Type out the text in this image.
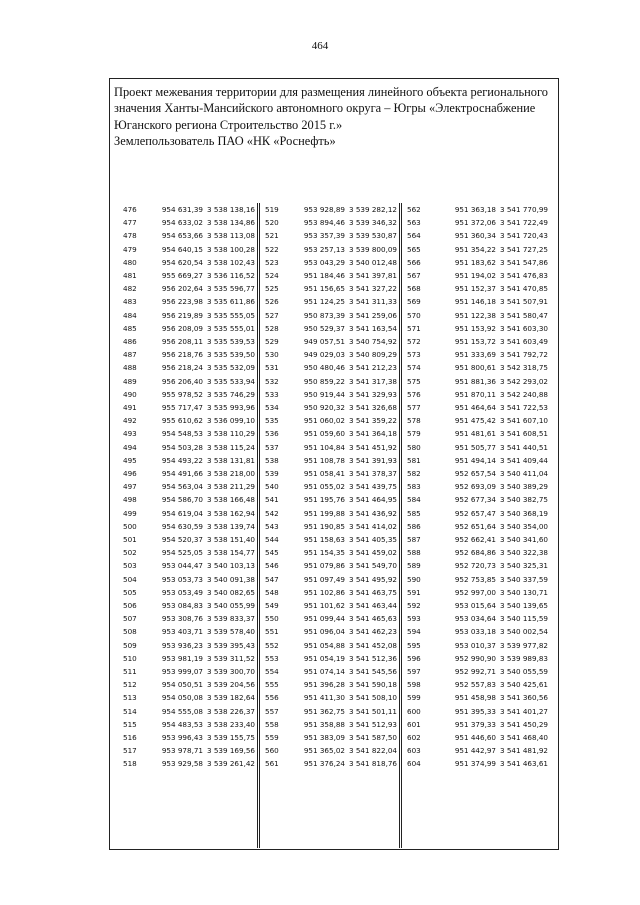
464
Проект межевания территории для размещения линейного объекта регионального
значения Ханты-Мансийского автономного округа – Югры «Электроснабжение
Юганского региона Строительство 2015 г.»
Землепользователь ПАО «НК «Роснефть»
476	954 631,39 3 538 138,16
477	954 633,02 3 538 134,86
478	954 653,66 3 538 113,08
479	954 640,15 3 538 100,28
480	954 620,54 3 538 102,43
481	955 669,27 3 536 116,52
482	956 202,64 3 535 596,77
483	956 223,98 3 535 611,86
484	956 219,89 3 535 555,05
485	956 208,09 3 535 555,01
486	956 208,11 3 535 539,53
487	956 218,76 3 535 539,50
488	956 218,24 3 535 532,09
489	956 206,40 3 535 533,94
490	955 978,52 3 535 746,29
491	955 717,47 3 535 993,96
492	955 610,62 3 536 099,10
493	954 548,53 3 538 110,29
494	954 503,28 3 538 115,24
495	954 493,22 3 538 131,81
496	954 491,66 3 538 218,00
497	954 563,04 3 538 211,29
498	954 586,70 3 538 166,48
499	954 619,04 3 538 162,94
500	954 630,59 3 538 139,74
501	954 520,37 3 538 151,40
502	954 525,05 3 538 154,77
503	953 044,47 3 540 103,13
504	953 053,73 3 540 091,38
505	953 053,49 3 540 082,65
506	953 084,83 3 540 055,99
507	953 308,76 3 539 833,37
508	953 403,71 3 539 578,40
509	953 936,23 3 539 395,43
510	953 981,19 3 539 311,52
511	953 999,07 3 539 300,70
512	954 050,51 3 539 204,56
513	954 050,08 3 539 182,64
514	954 555,08 3 538 226,37
515	954 483,53 3 538 233,40
516	953 996,43 3 539 155,75
517	953 978,71 3 539 169,56
518	953 929,58 3 539 261,42
519	953 928,89 3 539 282,12
520	953 894,46 3 539 346,32
521	953 357,39 3 539 530,87
522	953 257,13 3 539 800,09
523	953 043,29 3 540 012,48
524	951 184,46 3 541 397,81
525	951 156,65 3 541 327,22
526	951 124,25 3 541 311,33
527	950 873,39 3 541 259,06
528	950 529,37 3 541 163,54
529	949 057,51 3 540 754,92
530	949 029,03 3 540 809,29
531	950 480,46 3 541 212,23
532	950 859,22 3 541 317,38
533	950 919,44 3 541 329,93
534	950 920,32 3 541 326,68
535	951 060,02 3 541 359,22
536	951 059,60 3 541 364,18
537	951 104,84 3 541 451,92
538	951 108,78 3 541 391,93
539	951 058,41 3 541 378,37
540	951 055,02 3 541 439,75
541	951 195,76 3 541 464,95
542	951 199,88 3 541 436,92
543	951 190,85 3 541 414,02
544	951 158,63 3 541 405,35
545	951 154,35 3 541 459,02
546	951 079,86 3 541 549,70
547	951 097,49 3 541 495,92
548	951 102,86 3 541 463,75
549	951 101,62 3 541 463,44
550	951 099,44 3 541 465,63
551	951 096,04 3 541 462,23
552	951 054,88 3 541 452,08
553	951 054,19 3 541 512,36
554	951 074,14 3 541 545,56
555	951 396,28 3 541 590,18
556	951 411,30 3 541 508,10
557	951 362,75 3 541 501,11
558	951 358,88 3 541 512,93
559	951 383,09 3 541 587,50
560	951 365,02 3 541 822,04
561	951 376,24 3 541 818,76
562	951 363,18 3 541 770,99
563	951 372,06 3 541 722,49
564	951 360,34 3 541 720,43
565	951 354,22 3 541 727,25
566	951 183,62 3 541 547,86
567	951 194,02 3 541 476,83
568	951 152,37 3 541 470,85
569	951 146,18 3 541 507,91
570	951 122,38 3 541 580,47
571	951 153,92 3 541 603,30
572	951 153,72 3 541 603,49
573	951 333,69 3 541 792,72
574	951 800,61 3 542 318,75
575	951 881,36 3 542 293,02
576	951 870,11 3 542 240,88
577	951 464,64 3 541 722,53
578	951 475,42 3 541 607,10
579	951 481,61 3 541 608,51
580	951 505,77 3 541 440,51
581	951 494,14 3 541 409,44
582	952 657,54 3 540 411,04
583	952 693,09 3 540 389,29
584	952 677,34 3 540 382,75
585	952 657,47 3 540 368,19
586	952 651,64 3 540 354,00
587	952 662,41 3 540 341,60
588	952 684,86 3 540 322,38
589	952 720,73 3 540 325,31
590	952 753,85 3 540 337,59
591	952 997,00 3 540 130,71
592	953 015,64 3 540 139,65
593	953 034,64 3 540 115,59
594	953 033,18 3 540 002,54
595	953 010,37 3 539 977,82
596	952 990,90 3 539 989,83
597	952 992,71 3 540 055,59
598	952 557,83 3 540 425,61
599	951 458,98 3 541 360,56
600	951 395,33 3 541 401,27
601	951 379,33 3 541 450,29
602	951 446,60 3 541 468,40
603	951 442,97 3 541 481,92
604	951 374,99 3 541 463,61
